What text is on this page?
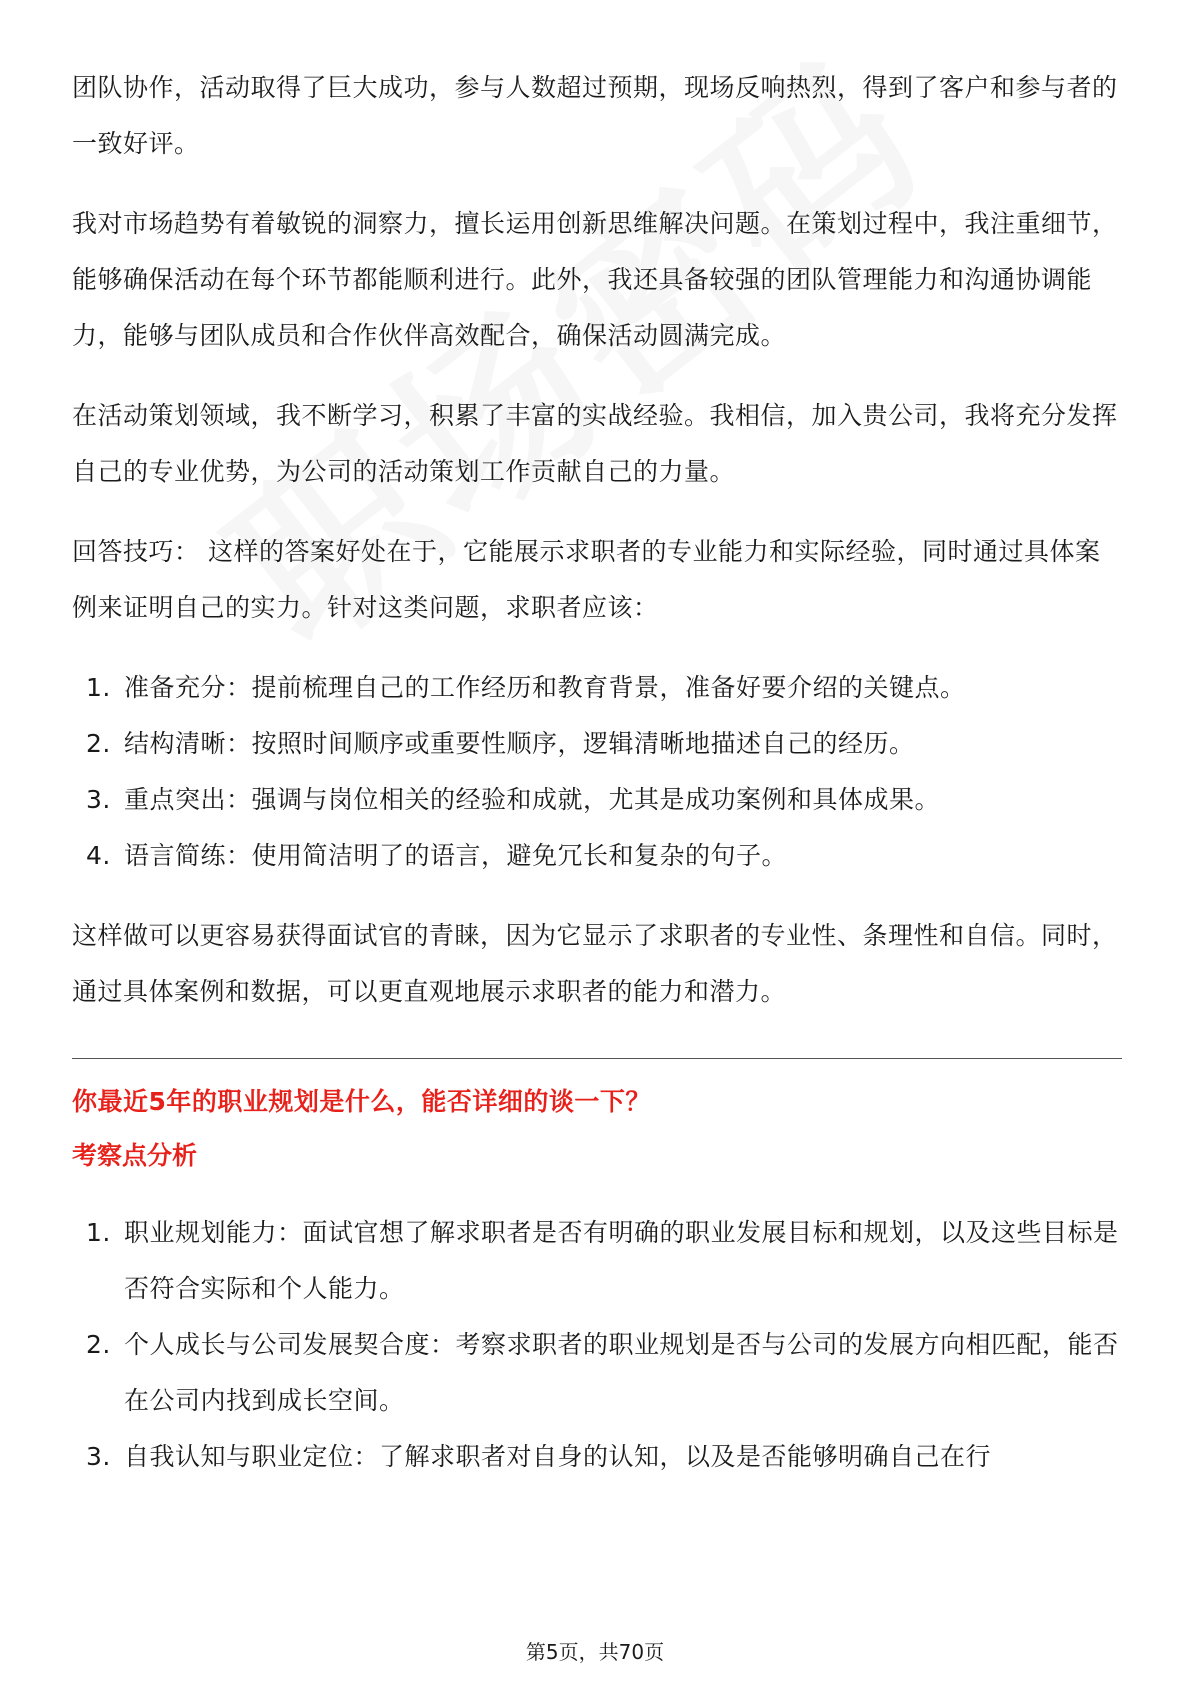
团队协作，活动取得了巨大成功，参与人数超过预期，现场反响热烈，得到了客户和参与者的一致好评。

我对市场趋势有着敏锐的洞察力，擅长运用创新思维解决问题。在策划过程中，我注重细节，能够确保活动在每个环节都能顺利进行。此外，我还具备较强的团队管理能力和沟通协调能力，能够与团队成员和合作伙伴高效配合，确保活动圆满完成。

在活动策划领域，我不断学习，积累了丰富的实战经验。我相信，加入贵公司，我将充分发挥自己的专业优势，为公司的活动策划工作贡献自己的力量。

回答技巧： 这样的答案好处在于，它能展示求职者的专业能力和实际经验，同时通过具体案例来证明自己的实力。针对这类问题，求职者应该：

1. 准备充分：提前梳理自己的工作经历和教育背景，准备好要介绍的关键点。
2. 结构清晰：按照时间顺序或重要性顺序，逻辑清晰地描述自己的经历。
3. 重点突出：强调与岗位相关的经验和成就，尤其是成功案例和具体成果。
4. 语言简练：使用简洁明了的语言，避免冗长和复杂的句子。

这样做可以更容易获得面试官的青睐，因为它显示了求职者的专业性、条理性和自信。同时，通过具体案例和数据，可以更直观地展示求职者的能力和潜力。

你最近5年的职业规划是什么，能否详细的谈一下？
考察点分析
1. 职业规划能力：面试官想了解求职者是否有明确的职业发展目标和规划，以及这些目标是否符合实际和个人能力。
2. 个人成长与公司发展契合度：考察求职者的职业规划是否与公司的发展方向相匹配，能否在公司内找到成长空间。
3. 自我认知与职业定位：了解求职者对自身的认知，以及是否能够明确自己在行
第5页，共70页
